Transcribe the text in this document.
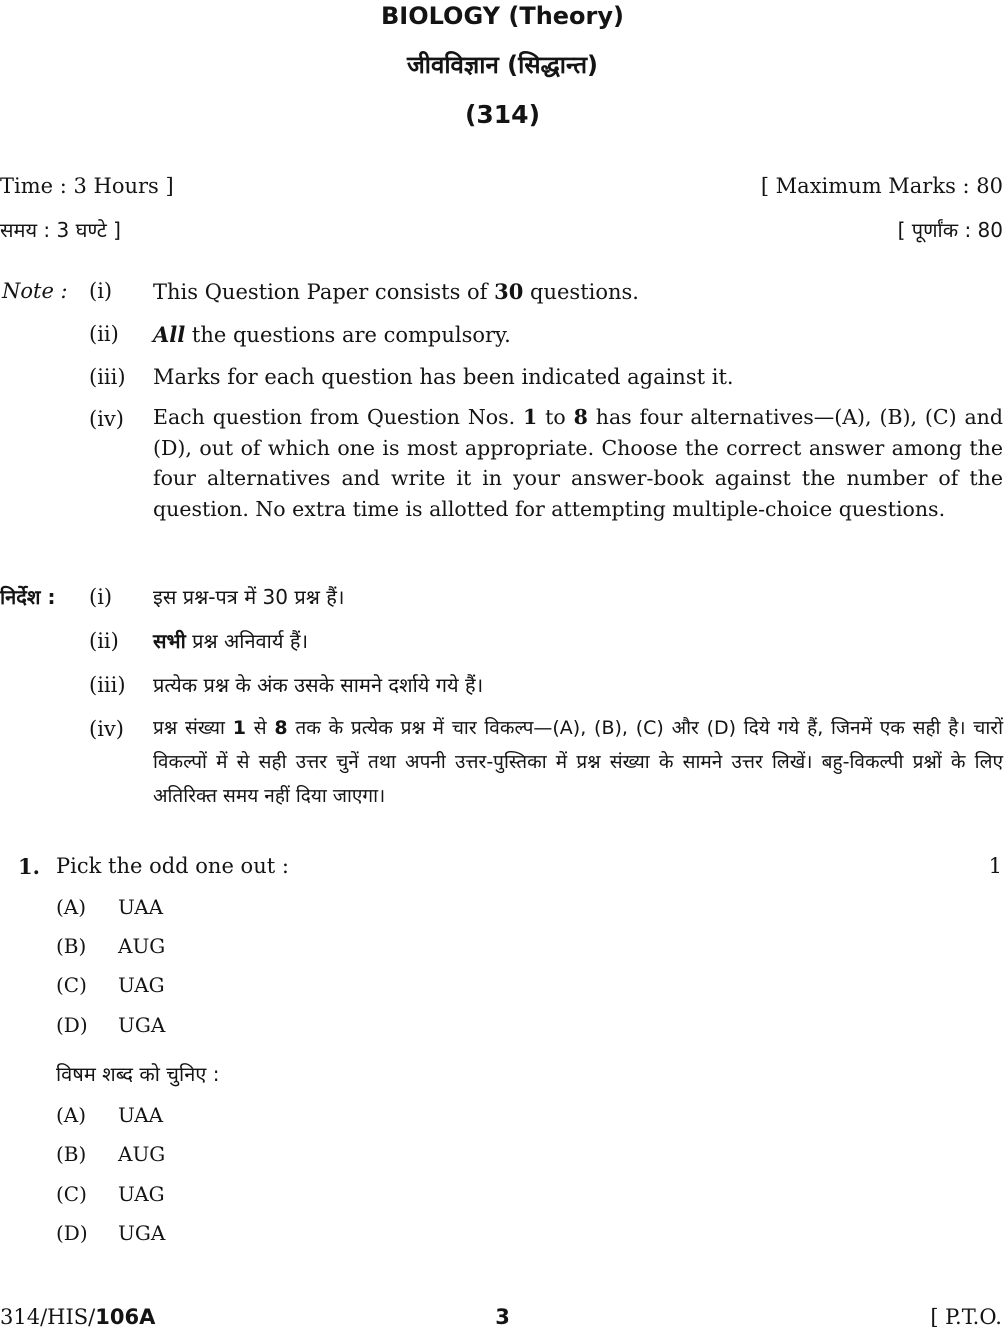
BIOLOGY (Theory)
जीवविज्ञान (सिद्धान्त)
(314)
Time : 3 Hours ]	[ Maximum Marks : 80
समय : 3 घण्टे ]	[ पूर्णांक : 80
Note : (i) This Question Paper consists of 30 questions.
(ii) All the questions are compulsory.
(iii) Marks for each question has been indicated against it.
(iv) Each question from Question Nos. 1 to 8 has four alternatives—(A), (B), (C) and (D), out of which one is most appropriate. Choose the correct answer among the four alternatives and write it in your answer-book against the number of the question. No extra time is allotted for attempting multiple-choice questions.
निर्देश : (i) इस प्रश्न-पत्र में 30 प्रश्न हैं।
(ii) सभी प्रश्न अनिवार्य हैं।
(iii) प्रत्येक प्रश्न के अंक उसके सामने दर्शाये गये हैं।
(iv) प्रश्न संख्या 1 से 8 तक के प्रत्येक प्रश्न में चार विकल्प—(A), (B), (C) और (D) दिये गये हैं, जिनमें एक सही है। चारों विकल्पों में से सही उत्तर चुनें तथा अपनी उत्तर-पुस्तिका में प्रश्न संख्या के सामने उत्तर लिखें। बहु-विकल्पी प्रश्नों के लिए अतिरिक्त समय नहीं दिया जाएगा।
1. Pick the odd one out :	1
(A) UAA
(B) AUG
(C) UAG
(D) UGA
विषम शब्द को चुनिए :
(A) UAA
(B) AUG
(C) UAG
(D) UGA
314/HIS/106A	3	[ P.T.O.
